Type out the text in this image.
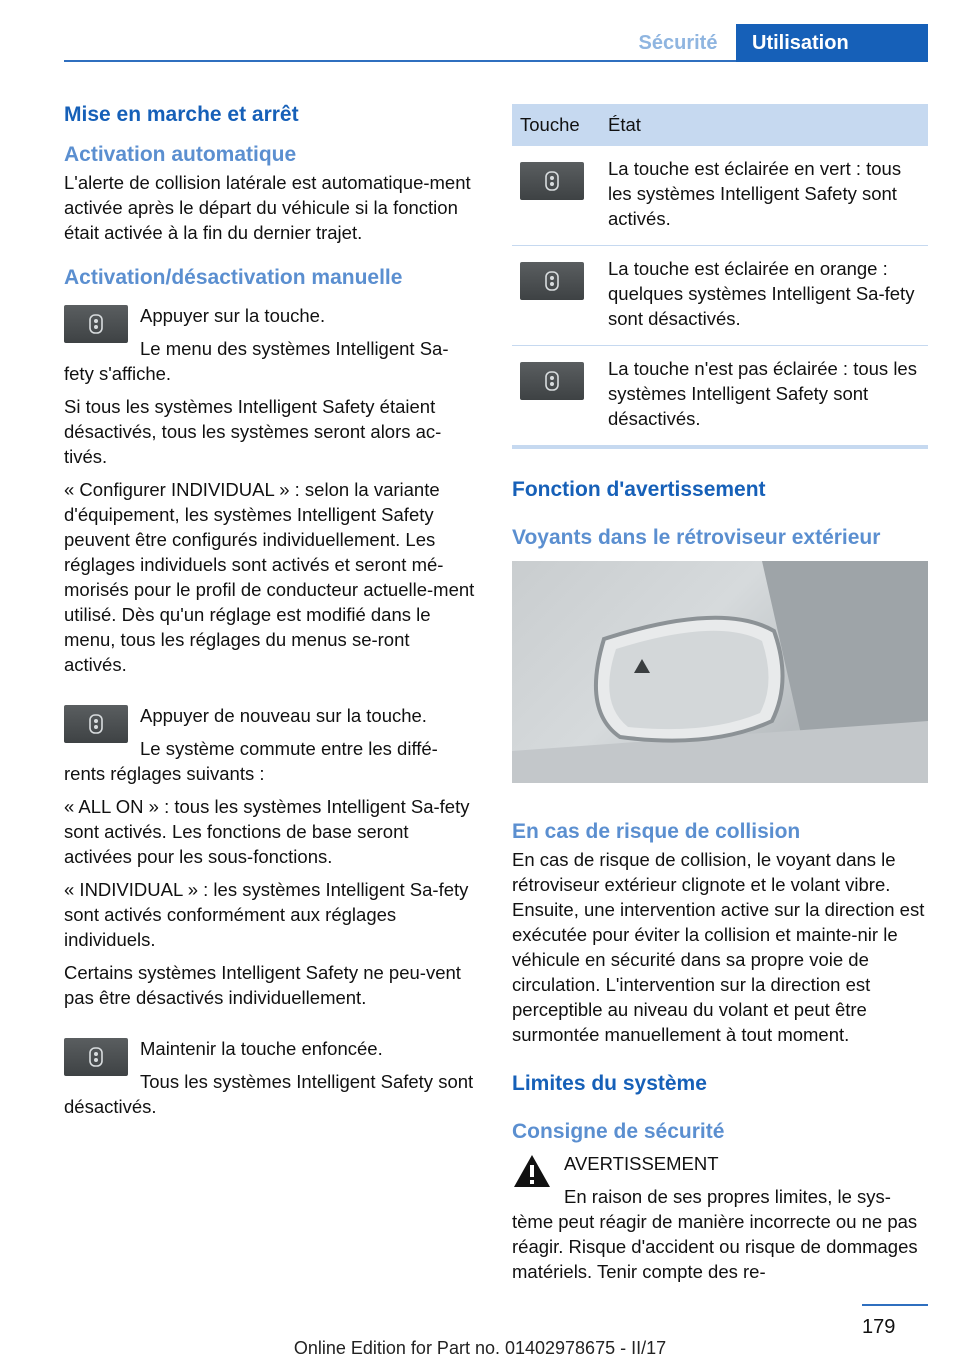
Sécurité	Utilisation
Mise en marche et arrêt
Activation automatique
L'alerte de collision latérale est automatique-ment activée après le départ du véhicule si la fonction était activée à la fin du dernier trajet.
Activation/désactivation manuelle
Appuyer sur la touche.
Le menu des systèmes Intelligent Sa-fety s'affiche.
Si tous les systèmes Intelligent Safety étaient désactivés, tous les systèmes seront alors ac-tivés.
« Configurer INDIVIDUAL » : selon la variante d'équipement, les systèmes Intelligent Safety peuvent être configurés individuellement. Les réglages individuels sont activés et seront mé-morisés pour le profil de conducteur actuelle-ment utilisé. Dès qu'un réglage est modifié dans le menu, tous les réglages du menus se-ront activés.
Appuyer de nouveau sur la touche.
Le système commute entre les diffé-rents réglages suivants :
« ALL ON » : tous les systèmes Intelligent Sa-fety sont activés. Les fonctions de base seront activées pour les sous-fonctions.
« INDIVIDUAL » : les systèmes Intelligent Sa-fety sont activés conformément aux réglages individuels.
Certains systèmes Intelligent Safety ne peu-vent pas être désactivés individuellement.
Maintenir la touche enfoncée.
Tous les systèmes Intelligent Safety sont désactivés.
Touche	État

	La touche est éclairée en vert : tous les systèmes Intelligent Safety sont activés.

	La touche est éclairée en orange : quelques systèmes Intelligent Sa-fety sont désactivés.

	La touche n'est pas éclairée : tous les systèmes Intelligent Safety sont désactivés.
Fonction d'avertissement
Voyants dans le rétroviseur extérieur
En cas de risque de collision
En cas de risque de collision, le voyant dans le rétroviseur extérieur clignote et le volant vibre. Ensuite, une intervention active sur la direction est exécutée pour éviter la collision et mainte-nir le véhicule en sécurité dans sa propre voie de circulation. L'intervention sur la direction est perceptible au niveau du volant et peut être surmontée manuellement à tout moment.
Limites du système
Consigne de sécurité
AVERTISSEMENT
En raison de ses propres limites, le sys-tème peut réagir de manière incorrecte ou ne pas réagir. Risque d'accident ou risque de dommages matériels. Tenir compte des re-
179
Online Edition for Part no. 01402978675 - II/17
